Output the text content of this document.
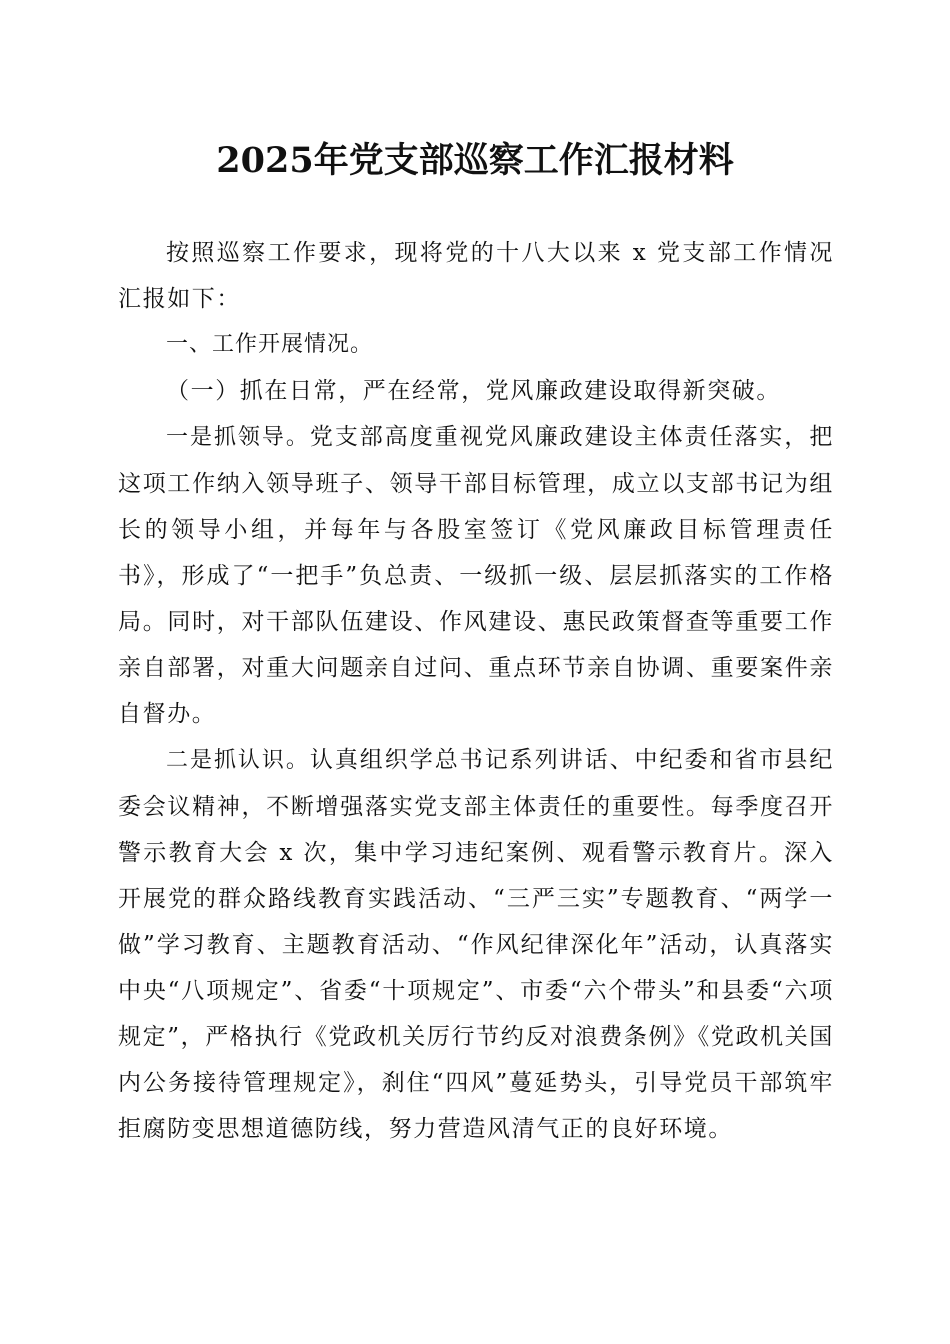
2025年党支部巡察工作汇报材料

按照巡察工作要求，现将党的十八大以来 x 党支部工作情况汇报如下：

一、工作开展情况。

（一）抓在日常，严在经常，党风廉政建设取得新突破。

一是抓领导。党支部高度重视党风廉政建设主体责任落实，把这项工作纳入领导班子、领导干部目标管理，成立以支部书记为组长的领导小组，并每年与各股室签订《党风廉政目标管理责任书》，形成了“一把手”负总责、一级抓一级、层层抓落实的工作格局。同时，对干部队伍建设、作风建设、惠民政策督查等重要工作亲自部署，对重大问题亲自过问、重点环节亲自协调、重要案件亲自督办。

二是抓认识。认真组织学总书记系列讲话、中纪委和省市县纪委会议精神，不断增强落实党支部主体责任的重要性。每季度召开警示教育大会 x 次，集中学习违纪案例、观看警示教育片。深入开展党的群众路线教育实践活动、“三严三实”专题教育、“两学一做”学习教育、主题教育活动、“作风纪律深化年”活动，认真落实中央“八项规定”、省委“十项规定”、市委“六个带头”和县委“六项规定”，严格执行《党政机关厉行节约反对浪费条例》《党政机关国内公务接待管理规定》，刹住“四风”蔓延势头，引导党员干部筑牢拒腐防变思想道德防线，努力营造风清气正的良好环境。
